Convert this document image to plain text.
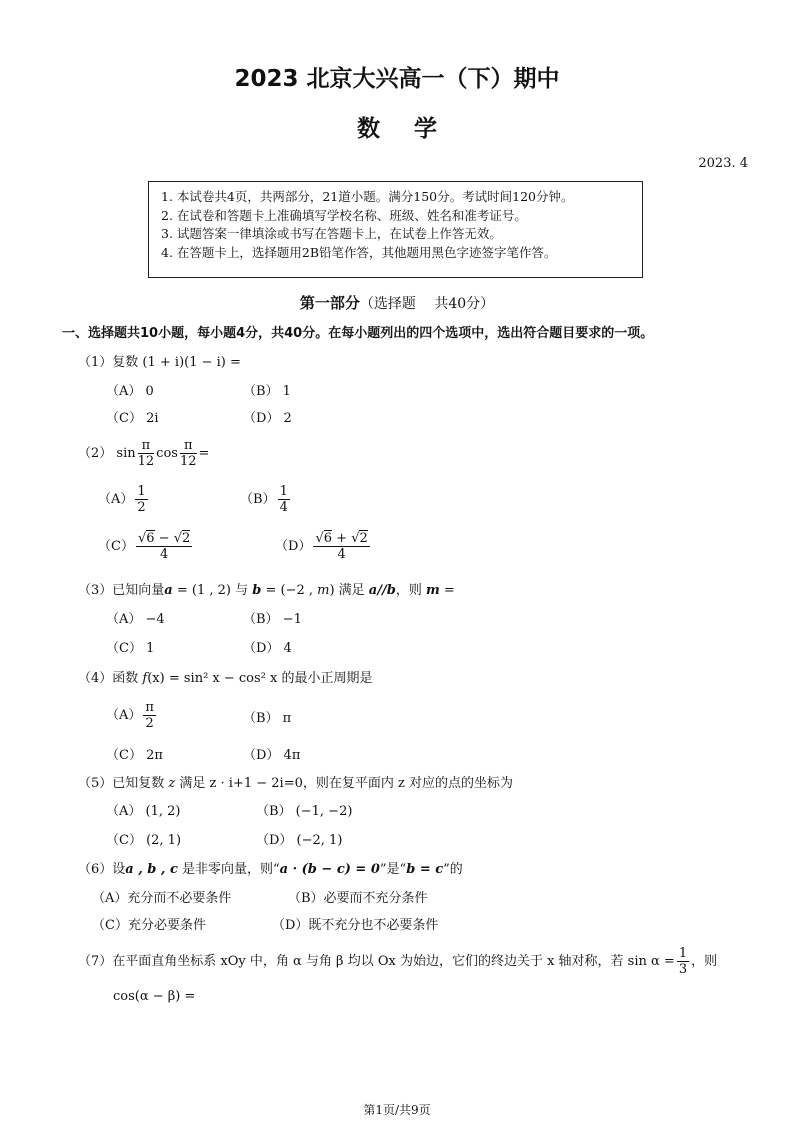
2023 北京大兴高一（下）期中
数学
2023. 4
1. 本试卷共4页，共两部分，21道小题。满分150分。考试时间120分钟。
2. 在试卷和答题卡上准确填写学校名称、班级、姓名和准考证号。
3. 试题答案一律填涂或书写在答题卡上，在试卷上作答无效。
4. 在答题卡上，选择题用2B铅笔作答，其他题用黑色字迹签字笔作答。
第一部分（选择题　 共40分）
一、选择题共10小题，每小题4分，共40分。在每小题列出的四个选项中，选出符合题目要求的一项。
（1）复数 (1 + i)(1 − i) =
（A） 0	（B） 1
（C） 2i	（D） 2
（2） $\sin \frac{\pi}{12}$ $\cos \frac{\pi}{12}$ =
$(A) \frac{1}{2}$	$(B) \frac{1}{4}$
$(C) \frac{√6 - √2}{4}$	$(D) \frac{√6 + √2}{4}$
（3）已知向量a = (1 , 2) 与 b = (−2 , m) 满足 a//b，则 m =
（A） −4	（B） −1
（C） 1	（D） 4
（4）函数 f(x) = sin² x − cos² x 的最小正周期是
$(A) \frac{\pi}{2}$	（B） π
（C） 2π	（D） 4π
（5）已知复数 z 满足 z · i+1 − 2i=0，则在复平面内 z 对应的点的坐标为
（A） (1, 2)	（B） (−1, −2)
（C） (2, 1)	（D） (−2, 1)
（6）设a , b , c 是非零向量，则“a · (b − c) = 0”是“b = c”的
（A）充分而不必要条件	（B）必要而不充分条件
（C）充分必要条件	（D）既不充分也不必要条件
（7）在平面直角坐标系 xOy 中，角 α 与角 β 均以 Ox 为始边，它们的终边关于 x 轴对称，若 $\sin \alpha = \frac{1}{3}$ ，则
cos(α − β) =
第1页/共9页
